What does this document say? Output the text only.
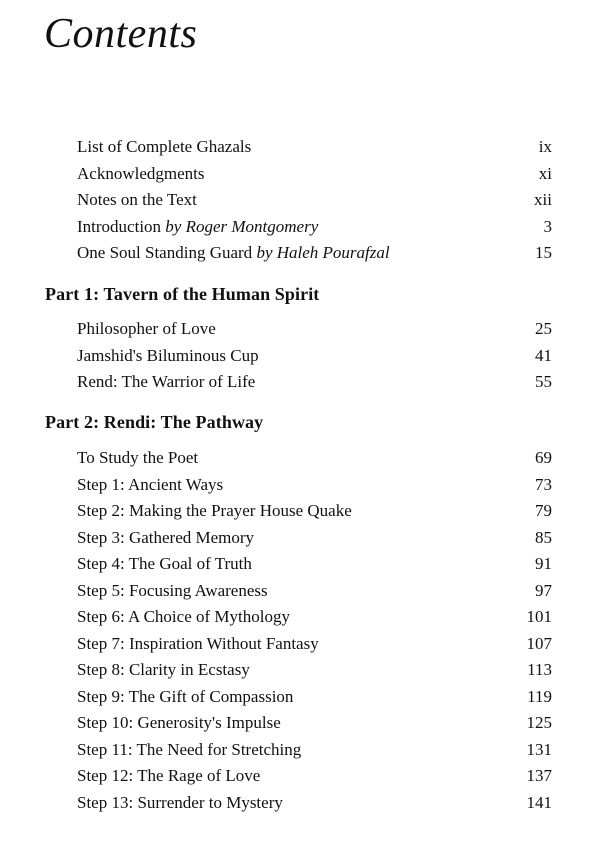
Contents
List of Complete Ghazals	ix
Acknowledgments	xi
Notes on the Text	xii
Introduction by Roger Montgomery	3
One Soul Standing Guard by Haleh Pourafzal	15
Part 1: Tavern of the Human Spirit
Philosopher of Love	25
Jamshid's Biluminous Cup	41
Rend: The Warrior of Life	55
Part 2: Rendi: The Pathway
To Study the Poet	69
Step 1: Ancient Ways	73
Step 2: Making the Prayer House Quake	79
Step 3: Gathered Memory	85
Step 4: The Goal of Truth	91
Step 5: Focusing Awareness	97
Step 6: A Choice of Mythology	101
Step 7: Inspiration Without Fantasy	107
Step 8: Clarity in Ecstasy	113
Step 9: The Gift of Compassion	119
Step 10: Generosity's Impulse	125
Step 11: The Need for Stretching	131
Step 12: The Rage of Love	137
Step 13: Surrender to Mystery	141
